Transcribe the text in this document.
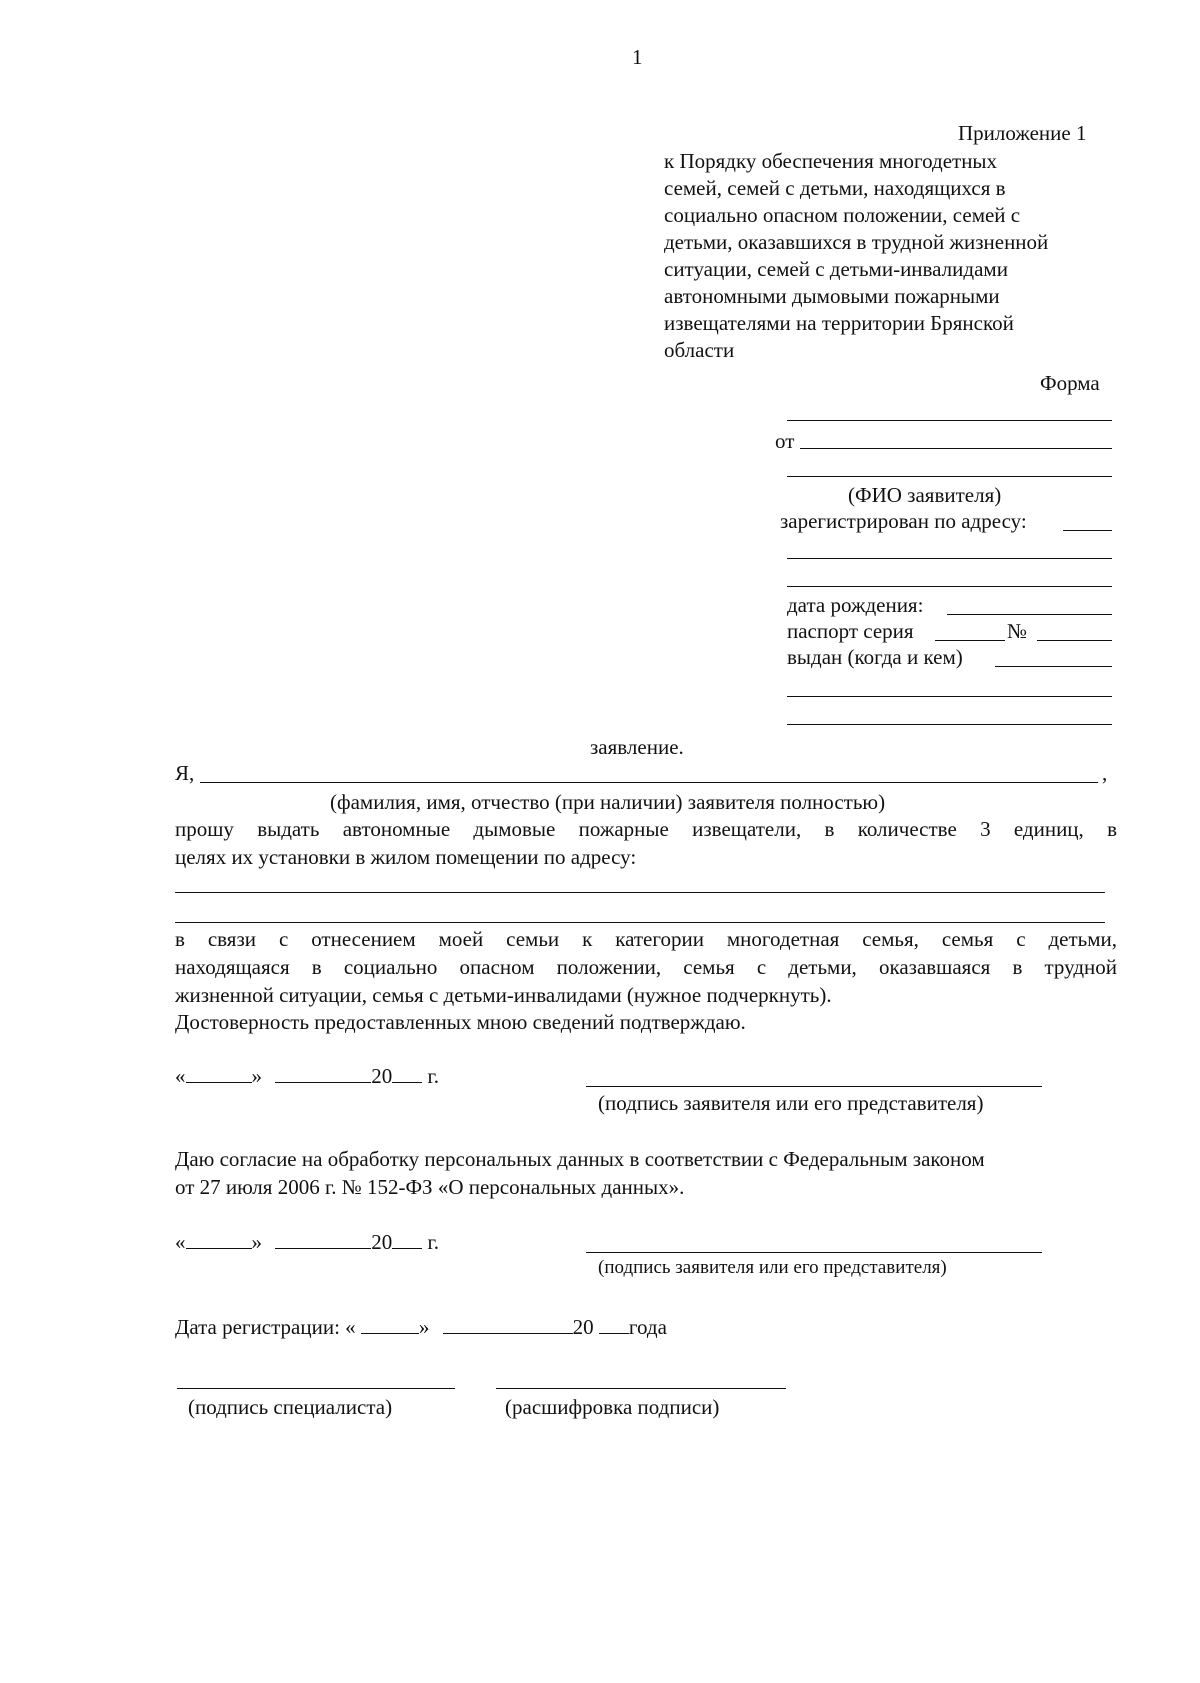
1
Приложение 1
к Порядку обеспечения многодетных
семей, семей с детьми, находящихся в
социально опасном положении, семей с
детьми, оказавшихся в трудной жизненной
ситуации, семей с детьми-инвалидами
автономными дымовыми пожарными
извещателями на территории Брянской
области
Форма
от
(ФИО заявителя)
зарегистрирован по адресу:
дата рождения:
паспорт серия	№
выдан (когда и кем)
заявление.
Я,	,
(фамилия, имя, отчество (при наличии) заявителя полностью)
прошу выдать автономные дымовые пожарные извещатели, в количестве 3 единиц, в
целях их установки в жилом помещении по адресу:
в связи с отнесением моей семьи к категории многодетная семья, семья с детьми,
находящаяся в социально опасном положении, семья с детьми, оказавшаяся в трудной
жизненной ситуации, семья с детьми-инвалидами (нужное подчеркнуть).
Достоверность предоставленных мною сведений подтверждаю.
«	»	20 г.
(подпись заявителя или его представителя)
Даю согласие на обработку персональных данных в соответствии с Федеральным законом
от 27 июля 2006 г. № 152-ФЗ «О персональных данных».
«	»	20 г.
(подпись заявителя или его представителя)
Дата регистрации: «	»	20 года
(подпись специалиста)	(расшифровка подписи)
